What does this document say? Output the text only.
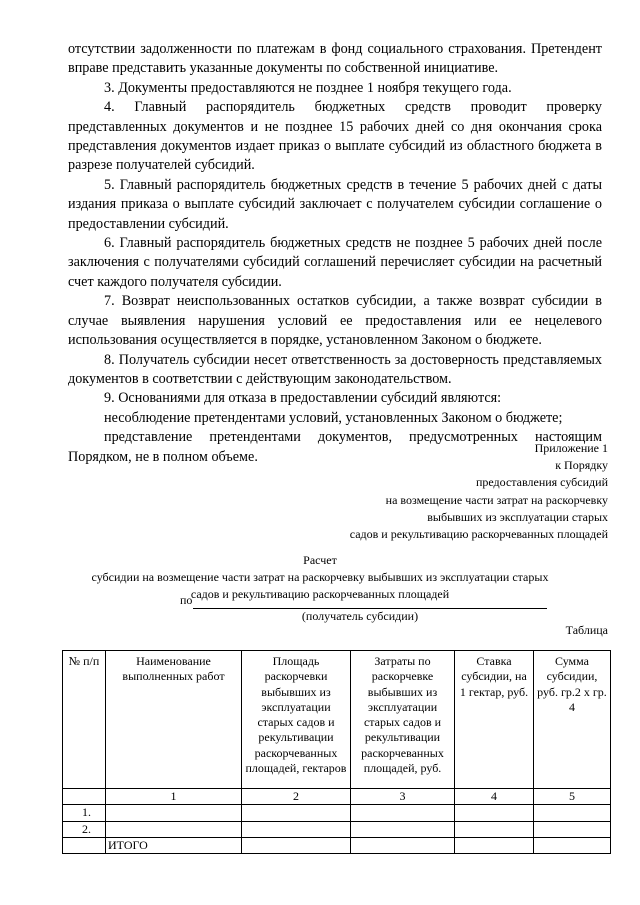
отсутствии задолженности по платежам в фонд социального страхования. Претендент вправе представить указанные документы по собственной инициативе.

3. Документы предоставляются не позднее 1 ноября текущего года.

4. Главный распорядитель бюджетных средств проводит проверку представленных документов и не позднее 15 рабочих дней со дня окончания срока представления документов издает приказ о выплате субсидий из областного бюджета в разрезе получателей субсидий.

5. Главный распорядитель бюджетных средств в течение 5 рабочих дней с даты издания приказа о выплате субсидий заключает с получателем субсидии соглашение о предоставлении субсидий.

6. Главный распорядитель бюджетных средств не позднее 5 рабочих дней после заключения с получателями субсидий соглашений перечисляет субсидии на расчетный счет каждого получателя субсидии.

7. Возврат неиспользованных остатков субсидии, а также возврат субсидии в случае выявления нарушения условий ее предоставления или ее нецелевого использования осуществляется в порядке, установленном Законом о бюджете.

8. Получатель субсидии несет ответственность за достоверность представляемых документов в соответствии с действующим законодательством.

9. Основаниями для отказа в предоставлении субсидий являются:

несоблюдение претендентами условий, установленных Законом о бюджете;

представление претендентами документов, предусмотренных настоящим Порядком, не в полном объеме.

Приложение 1
к Порядку
предоставления субсидий
на возмещение части затрат на раскорчевку
выбывших из эксплуатации старых
садов и рекультивацию раскорчеванных площадей
Расчет
субсидии на возмещение части затрат на раскорчевку выбывших из эксплуатации старых
садов и рекультивацию раскорчеванных площадей
по
(получатель субсидии)
Таблица
№ п/п	Наименование выполненных работ	Площадь раскорчевки выбывших из эксплуатации старых садов и рекультивации раскорчеванных площадей, гектаров	Затраты по раскорчевке выбывших из эксплуатации старых садов и рекультивации раскорчеванных площадей, руб.	Ставка субсидии, на 1 гектар, руб.	Сумма субсидии, руб. гр.2 х гр. 4
	1	2	3	4	5
1.					
2.					
	ИТОГО				
